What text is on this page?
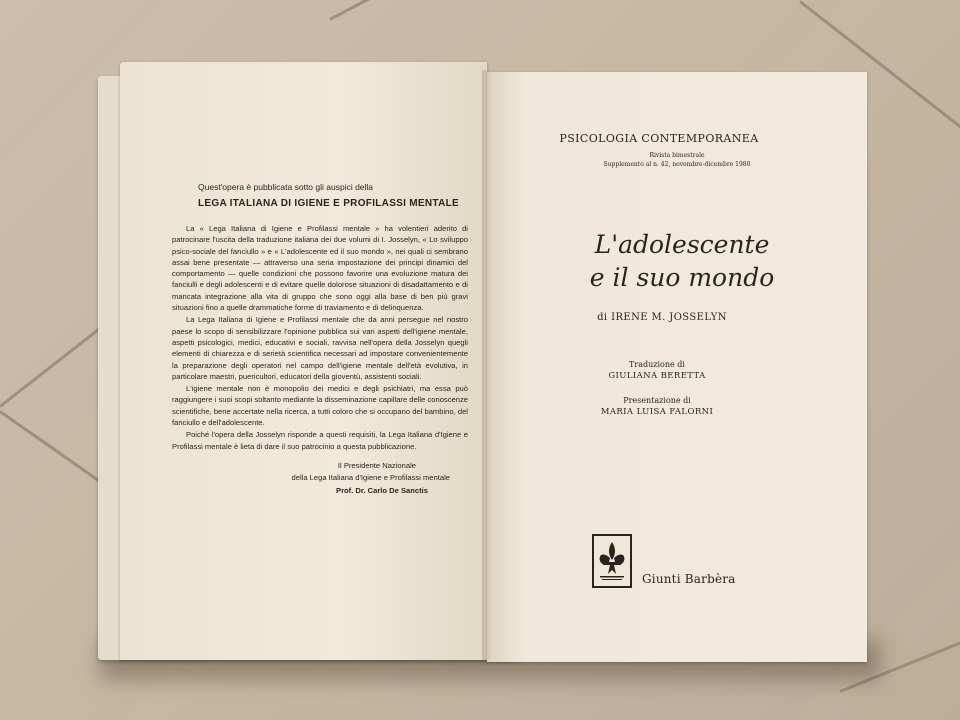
Quest'opera è pubblicata sotto gli auspici della
LEGA ITALIANA DI IGIENE E PROFILASSI MENTALE

La « Lega Italiana di Igiene e Profilassi mentale » ha volentieri aderito di patrocinare l'uscita della traduzione italiana dei due volumi di I. Josselyn, « Lo sviluppo psico-sociale del fanciullo » e « L'adolescente ed il suo mondo », nei quali ci sembrano assai bene presentate — attraverso una seria impostazione dei principi dinamici del comportamento — quelle condizioni che possono favorire una evoluzione matura dei fanciulli e degli adolescenti e di evitare quelle dolorose situazioni di disadattamento e di mancata integrazione alla vita di gruppo che sono oggi alla base di ben più gravi situazioni fino a quelle drammatiche forme di traviamento e di delinquenza.

La Lega Italiana di Igiene e Profilassi mentale che da anni persegue nel nostro paese lo scopo di sensibilizzare l'opinione pubblica sui vari aspetti dell'igiene mentale, aspetti psicologici, medici, educativi e sociali, ravvisa nell'opera della Josselyn quegli elementi di chiarezza e di serietà scientifica necessari ad impostare convenientemente la preparazione degli operatori nel campo dell'igiene mentale dell'età evolutiva, in particolare maestri, puericultori, educatori della gioventù, assistenti sociali.

L'igiene mentale non è monopolio dei medici e degli psichiatri, ma essa può raggiungere i suoi scopi soltanto mediante la disseminazione capillare delle conoscenze scientifiche, bene accertate nella ricerca, a tutti coloro che si occupano del bambino, del fanciullo e dell'adolescente.

Poiché l'opera della Josselyn risponde a questi requisiti, la Lega Italiana d'Igiene e Profilassi mentale è lieta di dare il suo patrocinio a questa pubblicazione.

Il Presidente Nazionale
della Lega Italiana d'Igiene e Profilassi mentale
Prof. Dr. Carlo De Sanctis
PSICOLOGIA CONTEMPORANEA
Rivista bimestrale
Supplemento al n. 42, novembre-dicembre 1980
L'adolescente
e il suo mondo
di IRENE M. JOSSELYN
Traduzione di
GIULIANA BERETTA
Presentazione di
MARIA LUISA FALORNI
Giunti Barbèra
